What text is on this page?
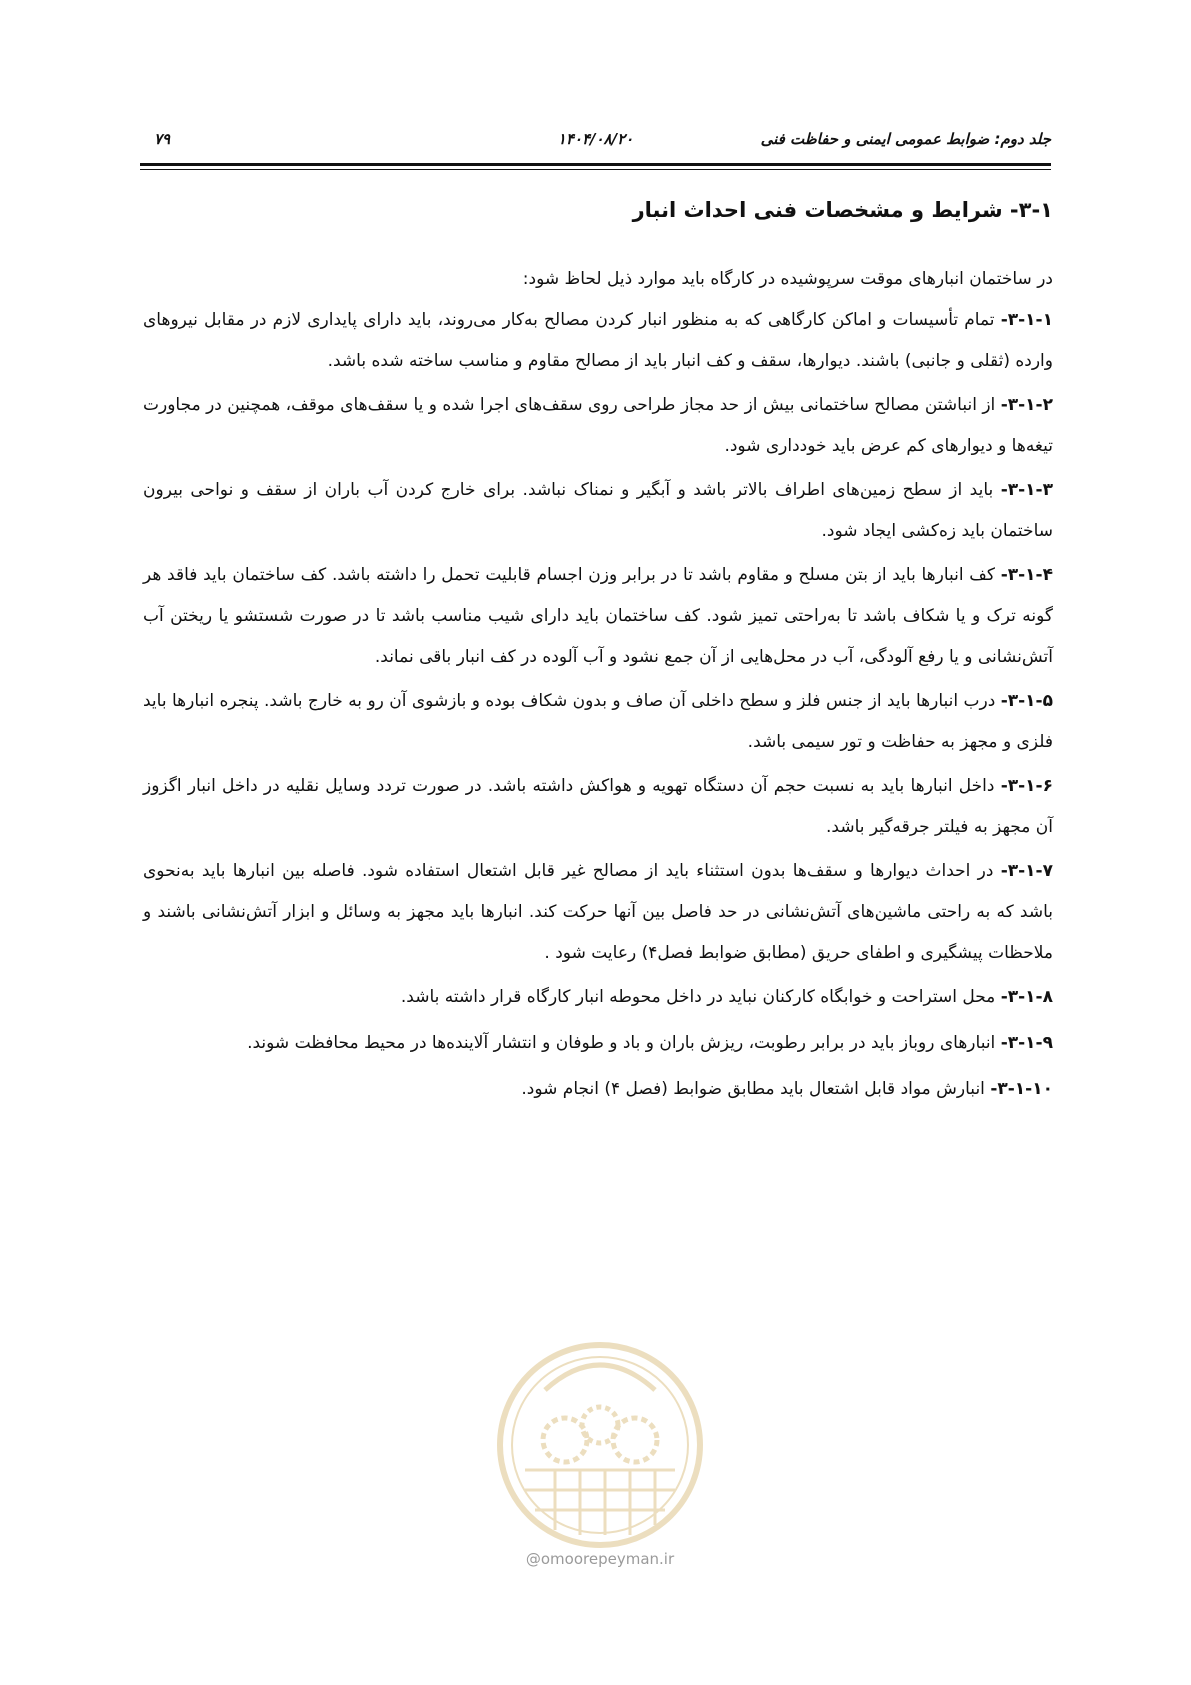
جلد دوم: ضوابط عمومی ایمنی و حفاظت فنی
۱۴۰۴/۰۸/۲۰
۷۹
۳-۱- شرایط و مشخصات فنی احداث انبار

در ساختمان انبارهای موقت سرپوشیده در کارگاه باید موارد ذیل لحاظ شود:

۳-۱-۱- تمام تأسیسات و اماکن کارگاهی که به منظور انبار کردن مصالح به‌کار می‌روند، باید دارای پایداری لازم در مقابل نیروهای وارده (ثقلی و جانبی) باشند. دیوارها، سقف و کف انبار باید از مصالح مقاوم و مناسب ساخته شده باشد.

۳-۱-۲- از انباشتن مصالح ساختمانی بیش از حد مجاز طراحی روی سقف‌های اجرا شده و یا سقف‌های موقف، همچنین در مجاورت تیغه‌ها و دیوارهای کم عرض باید خودداری شود.

۳-۱-۳- باید از سطح زمین‌های اطراف بالاتر باشد و آبگیر و نمناک نباشد. برای خارج کردن آب باران از سقف و نواحی بیرون ساختمان باید زه‌کشی ایجاد شود.

۳-۱-۴- کف انبارها باید از بتن مسلح و مقاوم باشد تا در برابر وزن اجسام قابلیت تحمل را داشته باشد. کف ساختمان باید فاقد هر گونه ترک و یا شکاف باشد تا به‌راحتی تمیز شود. کف ساختمان باید دارای شیب مناسب باشد تا در صورت شستشو یا ریختن آب آتش‌نشانی و یا رفع آلودگی، آب در محل‌هایی از آن جمع نشود و آب آلوده در کف انبار باقی نماند.

۳-۱-۵- درب انبارها باید از جنس فلز و سطح داخلی آن صاف و بدون شکاف بوده و بازشوی آن رو به خارج باشد. پنجره انبارها باید فلزی و مجهز به حفاظت و تور سیمی باشد.

۳-۱-۶- داخل انبارها باید به نسبت حجم آن دستگاه تهویه و هواکش داشته باشد. در صورت تردد وسایل نقلیه در داخل انبار اگزوز آن مجهز به فیلتر جرقه‌گیر باشد.

۳-۱-۷- در احداث دیوارها و سقف‌ها بدون استثناء باید از مصالح غیر قابل اشتعال استفاده شود. فاصله بین انبارها باید به‌نحوی باشد که به راحتی ماشین‌های آتش‌نشانی در حد فاصل بین آنها حرکت کند. انبارها باید مجهز به وسائل و ابزار آتش‌نشانی باشند و ملاحظات پیشگیری و اطفای حریق (مطابق ضوابط فصل۴) رعایت شود .

۳-۱-۸- محل استراحت و خوابگاه کارکنان نباید در داخل محوطه انبار کارگاه قرار داشته باشد.

۳-۱-۹- انبارهای روباز باید در برابر رطوبت، ریزش باران و باد و طوفان و انتشار آلاینده‌ها در محیط محافظت شوند.

۳-۱-۱۰- انبارش مواد قابل اشتعال باید مطابق ضوابط (فصل ۴) انجام شود.

@omoorepeyman.ir
